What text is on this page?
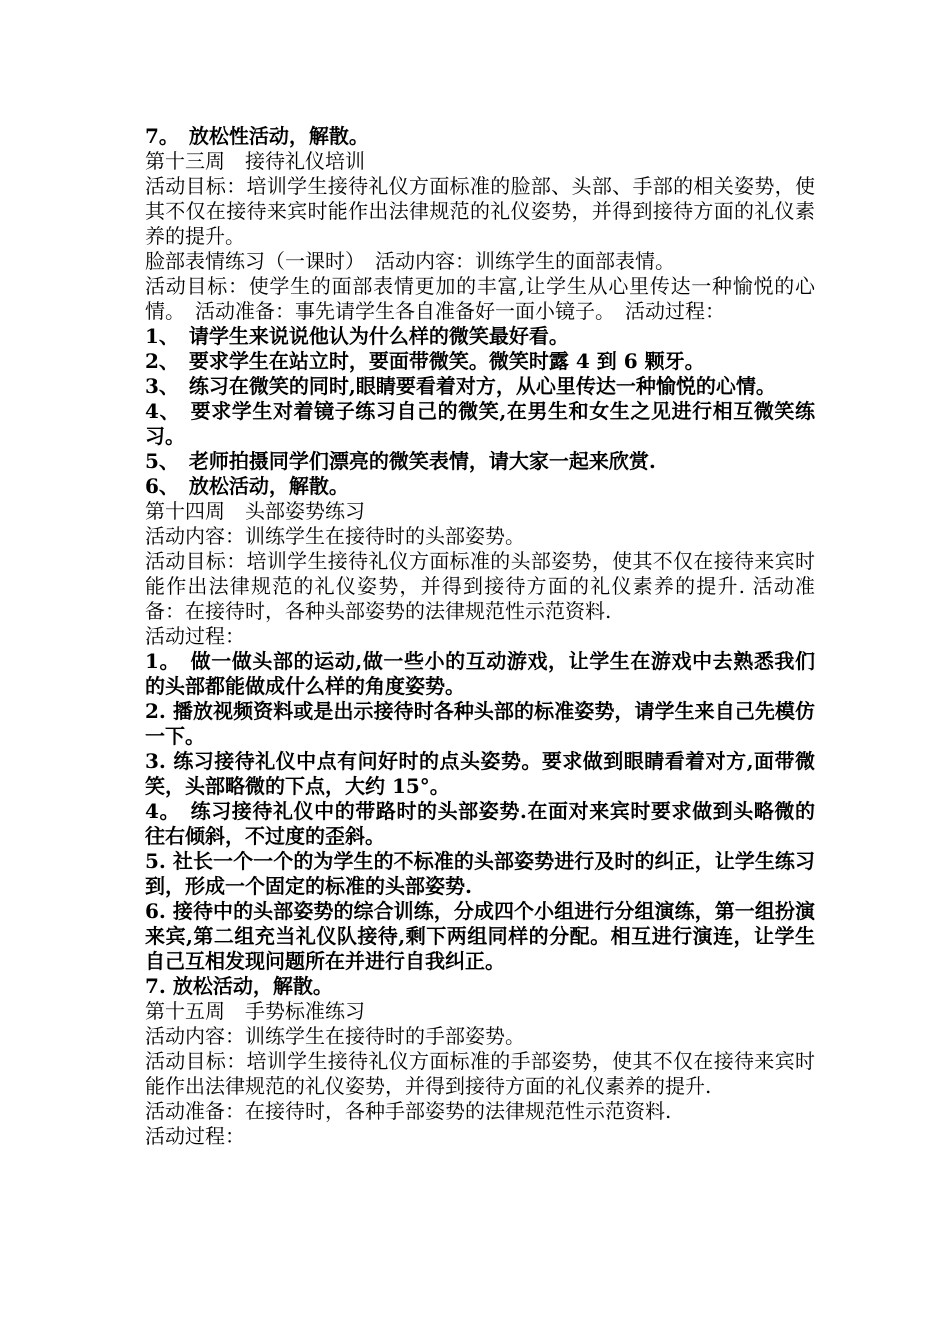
7。　放松性活动，解散。

第十三周　接待礼仪培训

活动目标：培训学生接待礼仪方面标准的脸部、头部、手部的相关姿势，使其不仅在接待来宾时能作出法律规范的礼仪姿势，并得到接待方面的礼仪素养的提升。

脸部表情练习（一课时）　活动内容：训练学生的面部表情。

活动目标：使学生的面部表情更加的丰富,让学生从心里传达一种愉悦的心情。　活动准备：事先请学生各自准备好一面小镜子。　活动过程：

1、　请学生来说说他认为什么样的微笑最好看。

2、　要求学生在站立时，要面带微笑。微笑时露 4 到 6 颗牙。

3、　练习在微笑的同时,眼睛要看着对方，从心里传达一种愉悦的心情。

4、　要求学生对着镜子练习自己的微笑,在男生和女生之见进行相互微笑练习。

5、　老师拍摄同学们漂亮的微笑表情，请大家一起来欣赏.

6、　放松活动，解散。

第十四周　头部姿势练习

活动内容：训练学生在接待时的头部姿势。

活动目标：培训学生接待礼仪方面标准的头部姿势，使其不仅在接待来宾时能作出法律规范的礼仪姿势，并得到接待方面的礼仪素养的提升. 活动准备：在接待时，各种头部姿势的法律规范性示范资料.

活动过程：

1。　做一做头部的运动,做一些小的互动游戏，让学生在游戏中去熟悉我们的头部都能做成什么样的角度姿势。

2. 播放视频资料或是出示接待时各种头部的标准姿势，请学生来自己先模仿一下。

3. 练习接待礼仪中点有问好时的点头姿势。要求做到眼睛看着对方,面带微笑，头部略微的下点，大约 15°。

4。　练习接待礼仪中的带路时的头部姿势.在面对来宾时要求做到头略微的往右倾斜，不过度的歪斜。

5. 社长一个一个的为学生的不标准的头部姿势进行及时的纠正，让学生练习到，形成一个固定的标准的头部姿势.

6. 接待中的头部姿势的综合训练，分成四个小组进行分组演练，第一组扮演来宾,第二组充当礼仪队接待,剩下两组同样的分配。相互进行演连，让学生自己互相发现问题所在并进行自我纠正。

7. 放松活动，解散。

第十五周　手势标准练习

活动内容：训练学生在接待时的手部姿势。

活动目标：培训学生接待礼仪方面标准的手部姿势，使其不仅在接待来宾时能作出法律规范的礼仪姿势，并得到接待方面的礼仪素养的提升.

活动准备：在接待时，各种手部姿势的法律规范性示范资料.

活动过程：
